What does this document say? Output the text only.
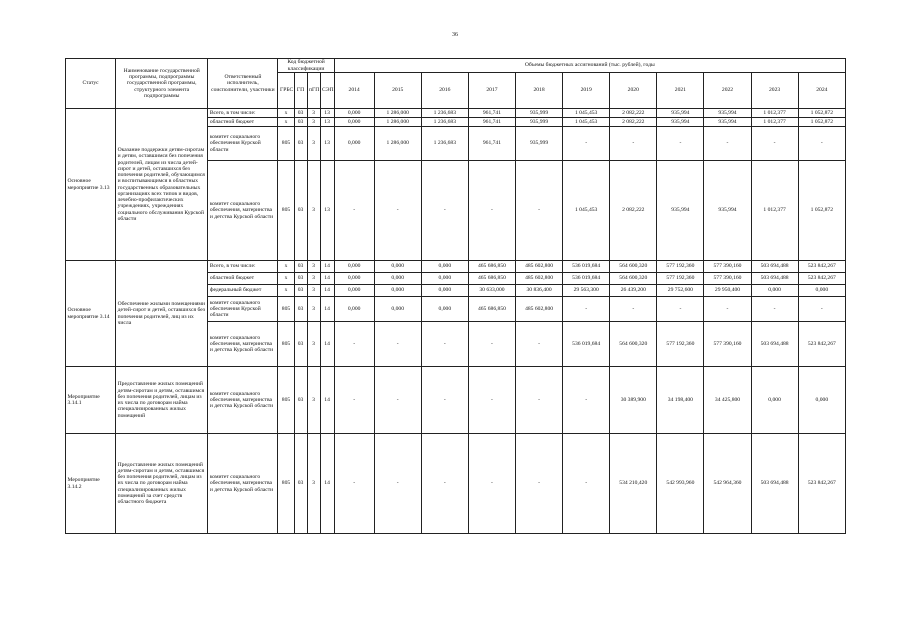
36
Статус	Наименование государственной программы, подпрограммы государственной программы, структурного элемента подпрограммы	Ответственный исполнитель, соисполнители, участники	Код бюджетной классификации				Объемы бюджетных ассигнований (тыс. рублей), годы										
			ГРБС	ГП	пГП	СЭП	2014	2015	2016	2017	2018	2019	2020	2021	2022	2023	2024
Основное мероприятие 3.13	Оказание поддержки детям-сиротам и детям, оставшимся без попечения родителей, лицам из числа детей-сирот и детей, оставшихся без попечения родителей, обучающимся и воспитывающимся в областных государственных образовательных организациях всех типов и видов, лечебно-профилактических учреждениях, учреждениях социального обслуживания Курской области	Всего, в том числе:	х	03	3	13	0,000	1 286,000	1 236,683	961,741	935,999	1 045,453	2 082,222	935,994	935,994	1 012,377	1 052,872
		областной бюджет	х	03	3	13	0,000	1 286,000	1 236,683	961,741	935,999	1 045,453	2 082,222	935,994	935,994	1 012,377	1 052,872
		комитет социального обеспечения Курской области	805	03	3	13	0,000	1 286,000	1 236,683	961,741	935,999	-	-	-	-	-	-
		комитет социального обеспечения, материнства и детства Курской области	805	03	3	13	-	-	-	-	-	1 045,453	2 082,222	935,994	935,994	1 012,377	1 052,872
Основное мероприятие 3.14	Обеспечение жилыми помещениями детей-сирот и детей, оставшихся без попечения родителей, лиц из их числа	Всего, в том числе:	х	03	3	14	0,000	0,000	0,000	465 686,850	485 602,800	536 019,684	564 600,320	577 192,360	577 390,160	503 694,488	523 842,267
		областной бюджет	х	03	3	14	0,000	0,000	0,000	465 686,850	485 602,800	536 019,684	564 600,320	577 192,360	577 390,160	503 694,488	523 842,267
		федеральный бюджет	х	03	3	14	0,000	0,000	0,000	30 633,000	30 836,400	29 563,300	26 439,200	29 752,600	29 950,400	0,000	0,000
		комитет социального обеспечения Курской области	805	03	3	14	0,000	0,000	0,000	465 686,850	485 602,800	-	-	-	-	-	-
		комитет социального обеспечения, материнства и детства Курской области	805	03	3	14	-	-	-	-	-	536 019,684	564 600,320	577 192,360	577 390,160	503 694,488	523 842,267
Мероприятие 3.14.1	Предоставление жилых помещений детям-сиротам и детям, оставшимся без попечения родителей, лицам из их числа по договорам найма специализированных жилых помещений	комитет социального обеспечения, материнства и детства Курской области	805	03	3	14	-	-	-	-	-	-	30 389,900	34 198,400	34 425,800	0,000	0,000
Мероприятие 3.14.2	Предоставление жилых помещений детям-сиротам и детям, оставшимся без попечения родителей, лицам из их числа по договорам найма специализированных жилых помещений за счет средств областного бюджета	комитет социального обеспечения, материнства и детства Курской области	805	03	3	14	-	-	-	-	-	-	534 210,420	542 993,960	542 964,360	503 694,488	523 842,267
